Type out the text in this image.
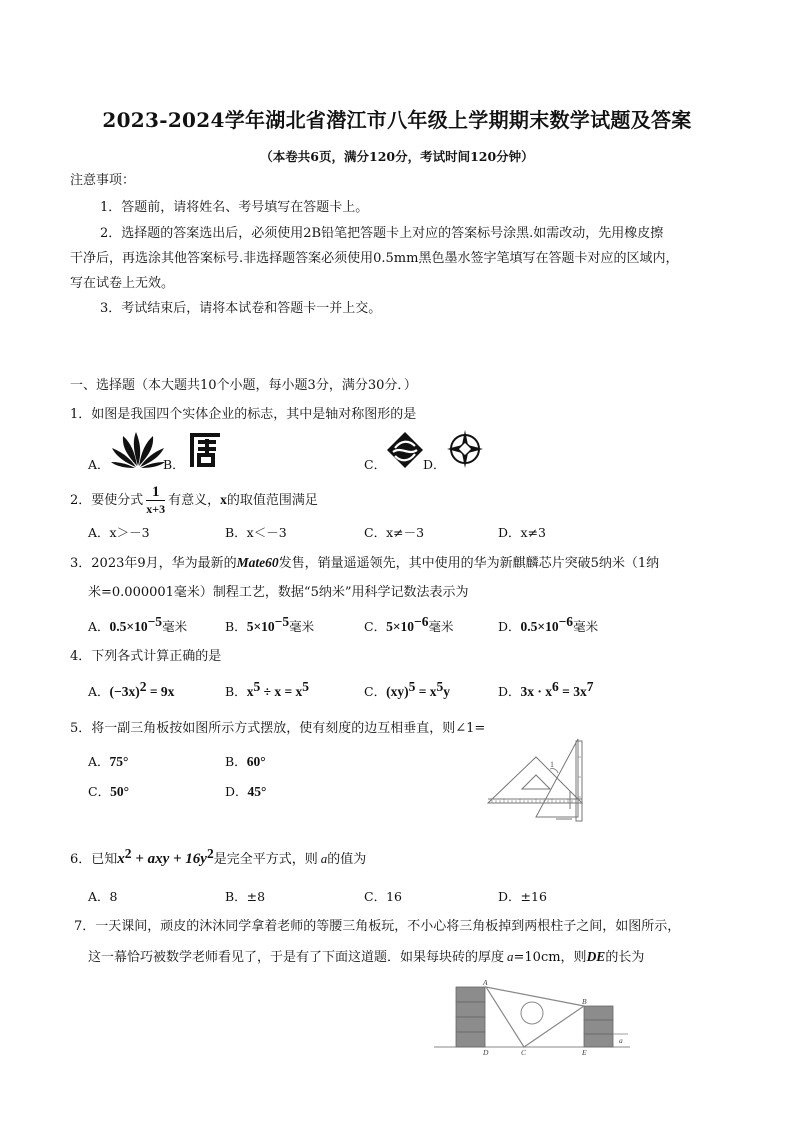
2023-2024学年湖北省潜江市八年级上学期期末数学试题及答案
（本卷共6页，满分120分，考试时间120分钟）
注意事项：
1．答题前，请将姓名、考号填写在答题卡上。
2．选择题的答案选出后，必须使用2B铅笔把答题卡上对应的答案标号涂黑.如需改动，先用橡皮擦
干净后，再选涂其他答案标号.非选择题答案必须使用0.5mm黑色墨水签字笔填写在答题卡对应的区域内，
写在试卷上无效。
3．考试结束后，请将本试卷和答题卡一并上交。
一、选择题（本大题共10个小题，每小题3分，满分30分．）
1．如图是我国四个实体企业的标志，其中是轴对称图形的是
A．	B．	C．	D．
2．要使分式 $\frac{1}{x+3}$ 有意义，x的取值范围满足
A．x＞－3	B．x＜－3	C．x≠－3	D．x≠3
3．2023年9月，华为最新的Mate60发售，销量遥遥领先，其中使用的华为新麒麟芯片突破5纳米（1纳
米=0.000001毫米）制程工艺，数据“5纳米”用科学记数法表示为
A．$0.5\times 10^{-5}$毫米	B．$5\times 10^{-5}$毫米	C．$5\times 10^{-6}$毫米	D．$0.5\times 10^{-6}$毫米
4．下列各式计算正确的是
A．$(-3x)^2 = 9x$	B．$x^5 \div x = x^5$	C．$(xy)^5 = x^5y$	D．$3x \cdot x^6 = 3x^7$
5．将一副三角板按如图所示方式摆放，使有刻度的边互相垂直，则∠1=
A．75°	B．60°
C．50°	D．45°
1
6．已知$x^2$ + axy + $16y^2$是完全平方式，则 a的值为
A．8	B．±8	C．16	D．±16
7．一天课间，顽皮的沐沐同学拿着老师的等腰三角板玩，不小心将三角板掉到两根柱子之间，如图所示，
这一幕恰巧被数学老师看见了，于是有了下面这道题．如果每块砖的厚度 a=10cm，则DE的长为
A
B
C
D	E
a
